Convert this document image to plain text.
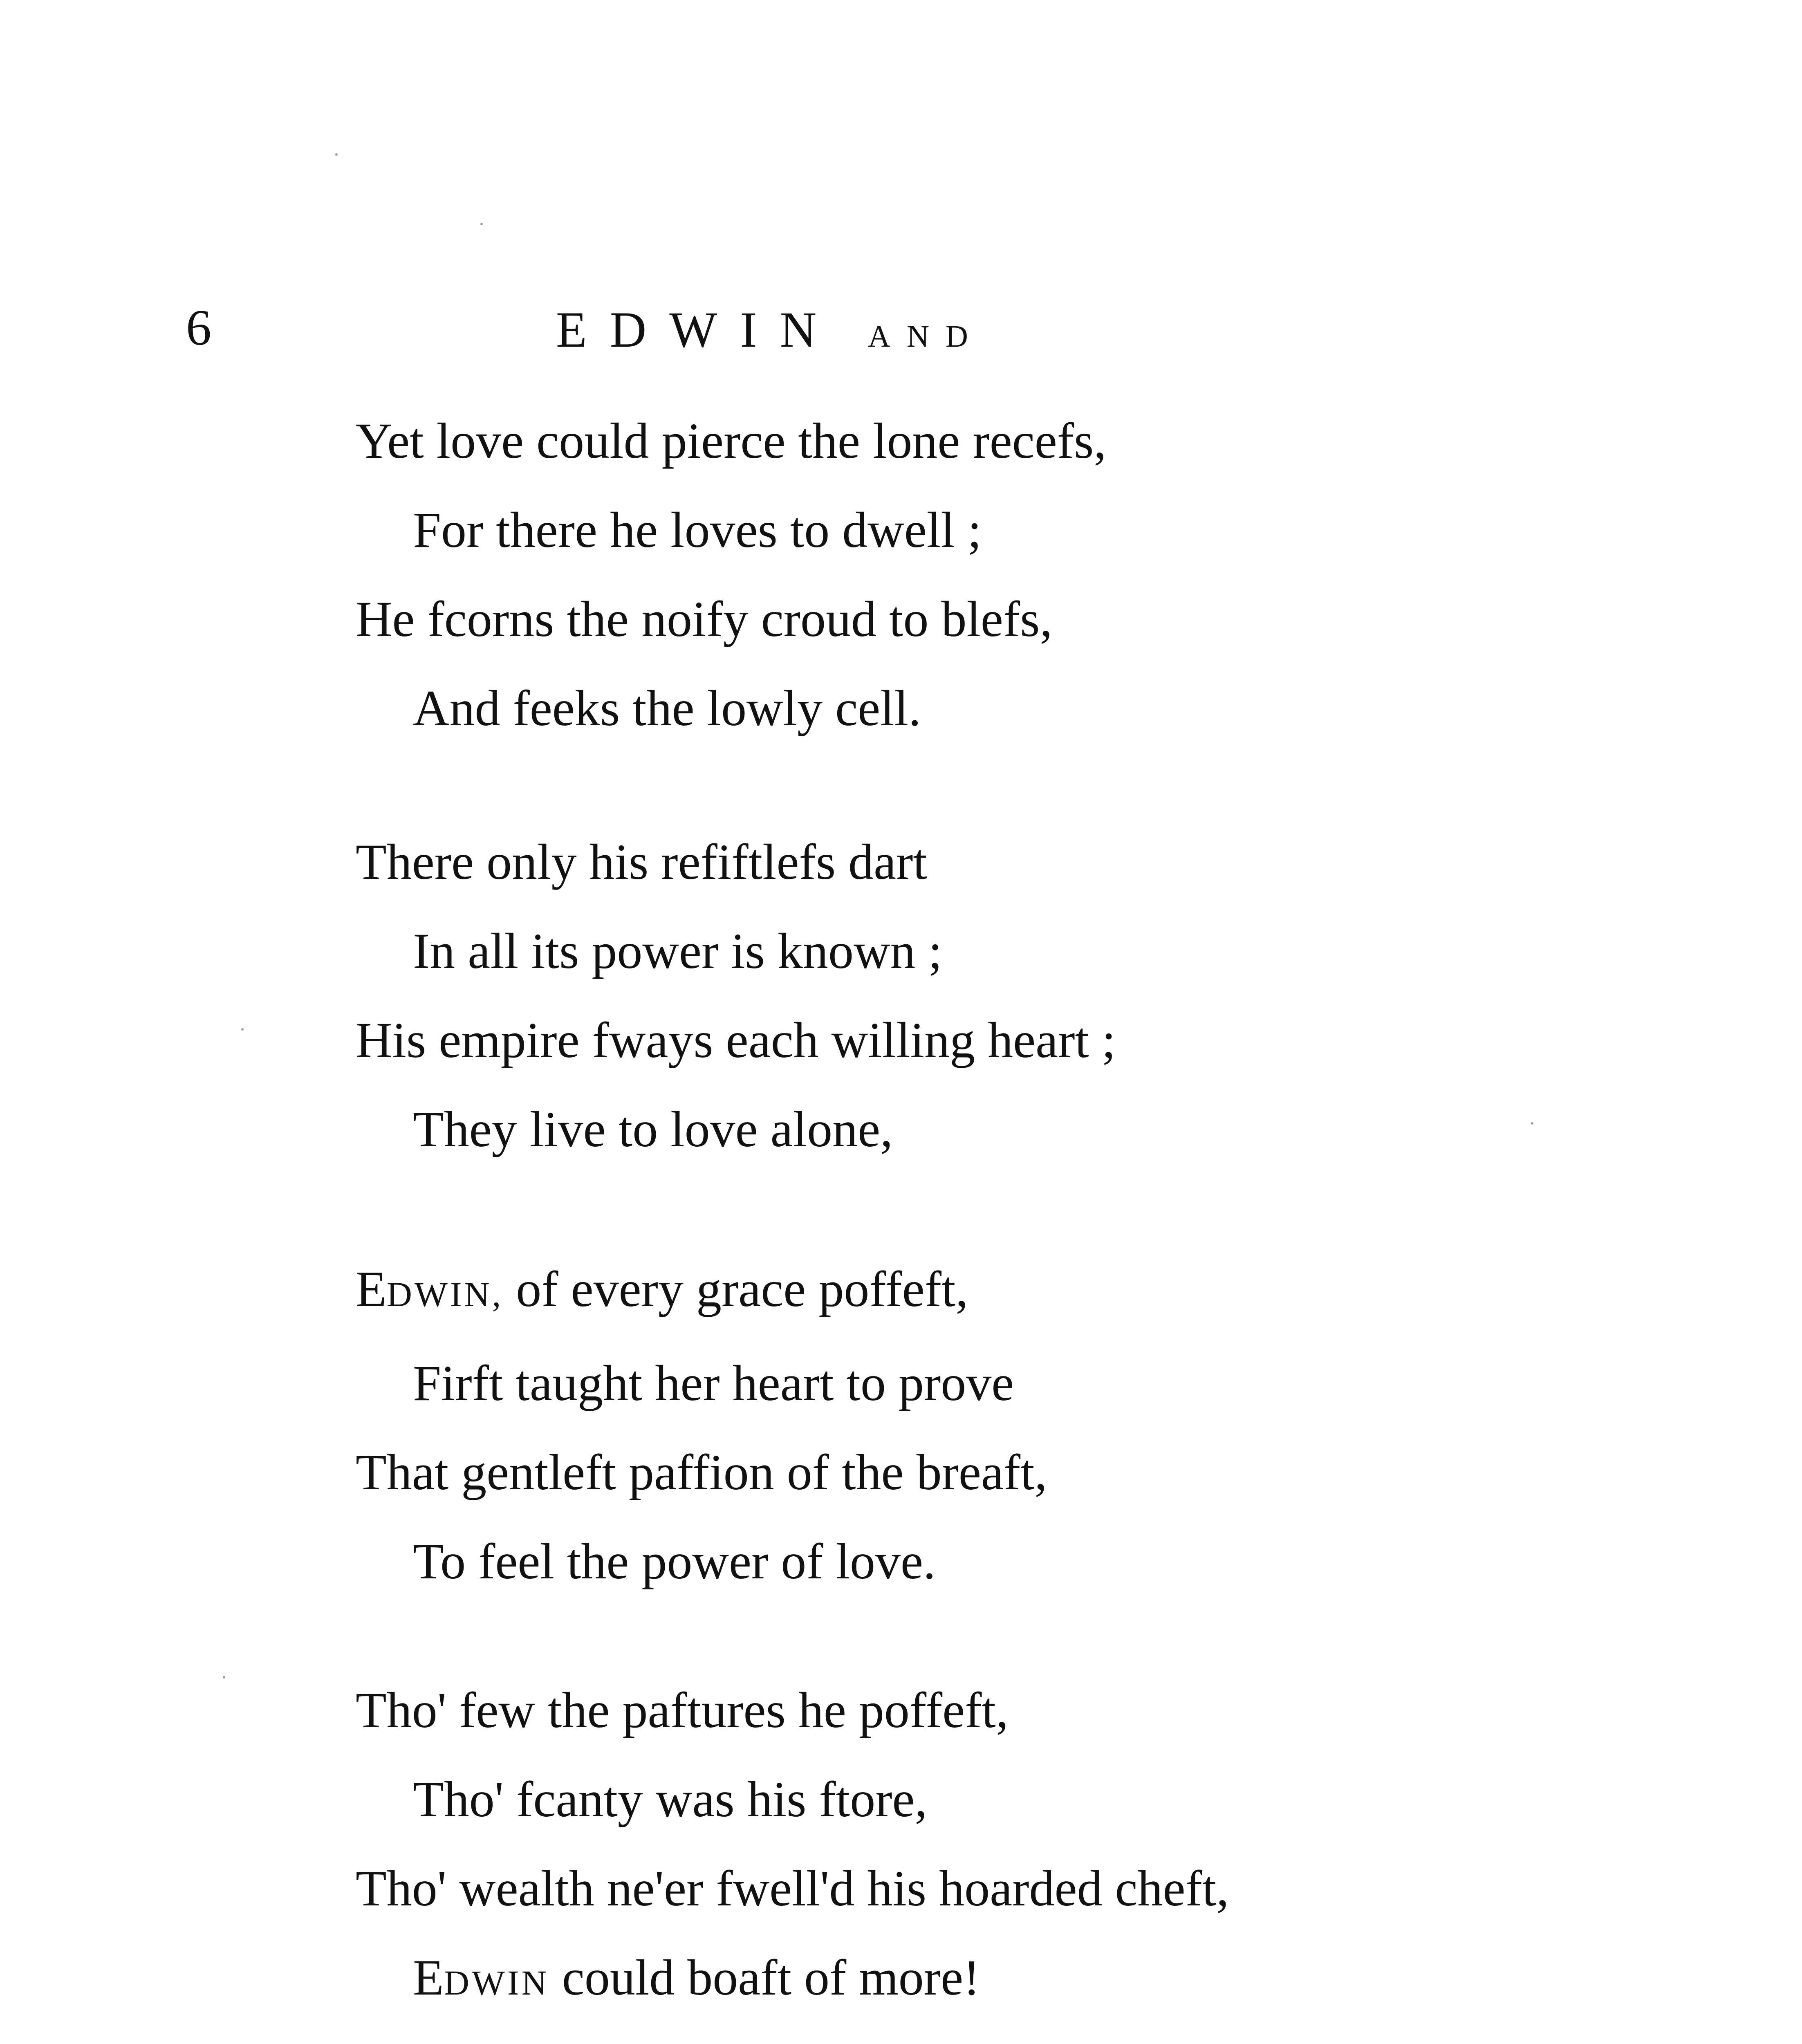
6	EDWIN AND
Yet love could pierce the lone recefs,
For there he loves to dwell ;
He fcorns the noify croud to blefs,
And feeks the lowly cell.
There only his refiftlefs dart
In all its power is known ;
His empire fways each willing heart ;
They live to love alone,
EDWIN, of every grace poffeft,
Firft taught her heart to prove
That gentleft paffion of the breaft,
To feel the power of love.
Tho' few the paftures he poffeft,
Tho' fcanty was his ftore,
Tho' wealth ne'er fwell'd his hoarded cheft,
EDWIN could boaft of more!
